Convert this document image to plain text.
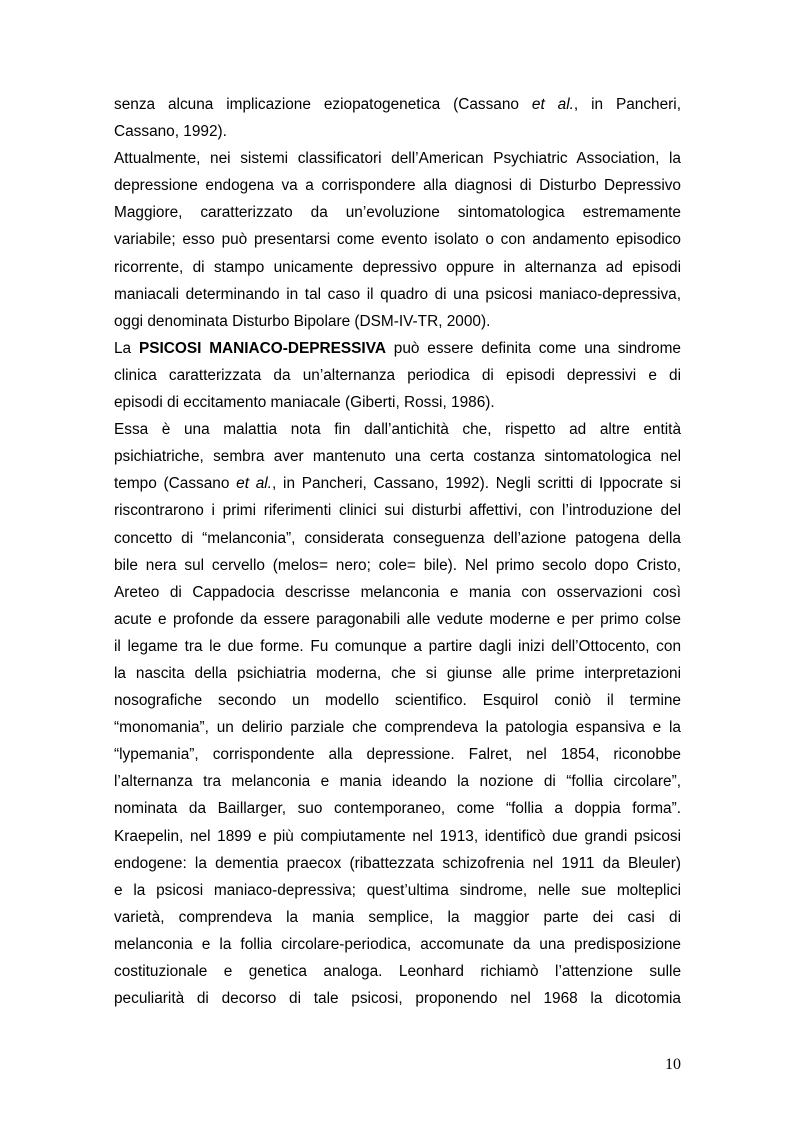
senza alcuna implicazione eziopatogenetica (Cassano et al., in Pancheri,
Cassano, 1992).
Attualmente, nei sistemi classificatori dell’American Psychiatric Association, la
depressione endogena va a corrispondere alla diagnosi di Disturbo Depressivo
Maggiore, caratterizzato da un’evoluzione sintomatologica estremamente
variabile; esso può presentarsi come evento isolato o con andamento episodico
ricorrente, di stampo unicamente depressivo oppure in alternanza ad episodi
maniacali determinando in tal caso il quadro di una psicosi maniaco-depressiva,
oggi denominata Disturbo Bipolare (DSM-IV-TR, 2000).
La PSICOSI MANIACO-DEPRESSIVA può essere definita come una sindrome
clinica caratterizzata da un’alternanza periodica di episodi depressivi e di
episodi di eccitamento maniacale (Giberti, Rossi, 1986).
Essa è una malattia nota fin dall’antichità che, rispetto ad altre entità
psichiatriche, sembra aver mantenuto una certa costanza sintomatologica nel
tempo (Cassano et al., in Pancheri, Cassano, 1992). Negli scritti di Ippocrate si
riscontrarono i primi riferimenti clinici sui disturbi affettivi, con l’introduzione del
concetto di “melanconia”, considerata conseguenza dell’azione patogena della
bile nera sul cervello (melos= nero; cole= bile). Nel primo secolo dopo Cristo,
Areteo di Cappadocia descrisse melanconia e mania con osservazioni così
acute e profonde da essere paragonabili alle vedute moderne e per primo colse
il legame tra le due forme. Fu comunque a partire dagli inizi dell’Ottocento, con
la nascita della psichiatria moderna, che si giunse alle prime interpretazioni
nosografiche secondo un modello scientifico. Esquirol coniò il termine
“monomania”, un delirio parziale che comprendeva la patologia espansiva e la
“lypemania”, corrispondente alla depressione. Falret, nel 1854, riconobbe
l’alternanza tra melanconia e mania ideando la nozione di “follia circolare”,
nominata da Baillarger, suo contemporaneo, come “follia a doppia forma”.
Kraepelin, nel 1899 e più compiutamente nel 1913, identificò due grandi psicosi
endogene: la dementia praecox (ribattezzata schizofrenia nel 1911 da Bleuler)
e la psicosi maniaco-depressiva; quest’ultima sindrome, nelle sue molteplici
varietà, comprendeva la mania semplice, la maggior parte dei casi di
melanconia e la follia circolare-periodica, accomunate da una predisposizione
costituzionale e genetica analoga. Leonhard richiamò l’attenzione sulle
peculiarità di decorso di tale psicosi, proponendo nel 1968 la dicotomia
10
